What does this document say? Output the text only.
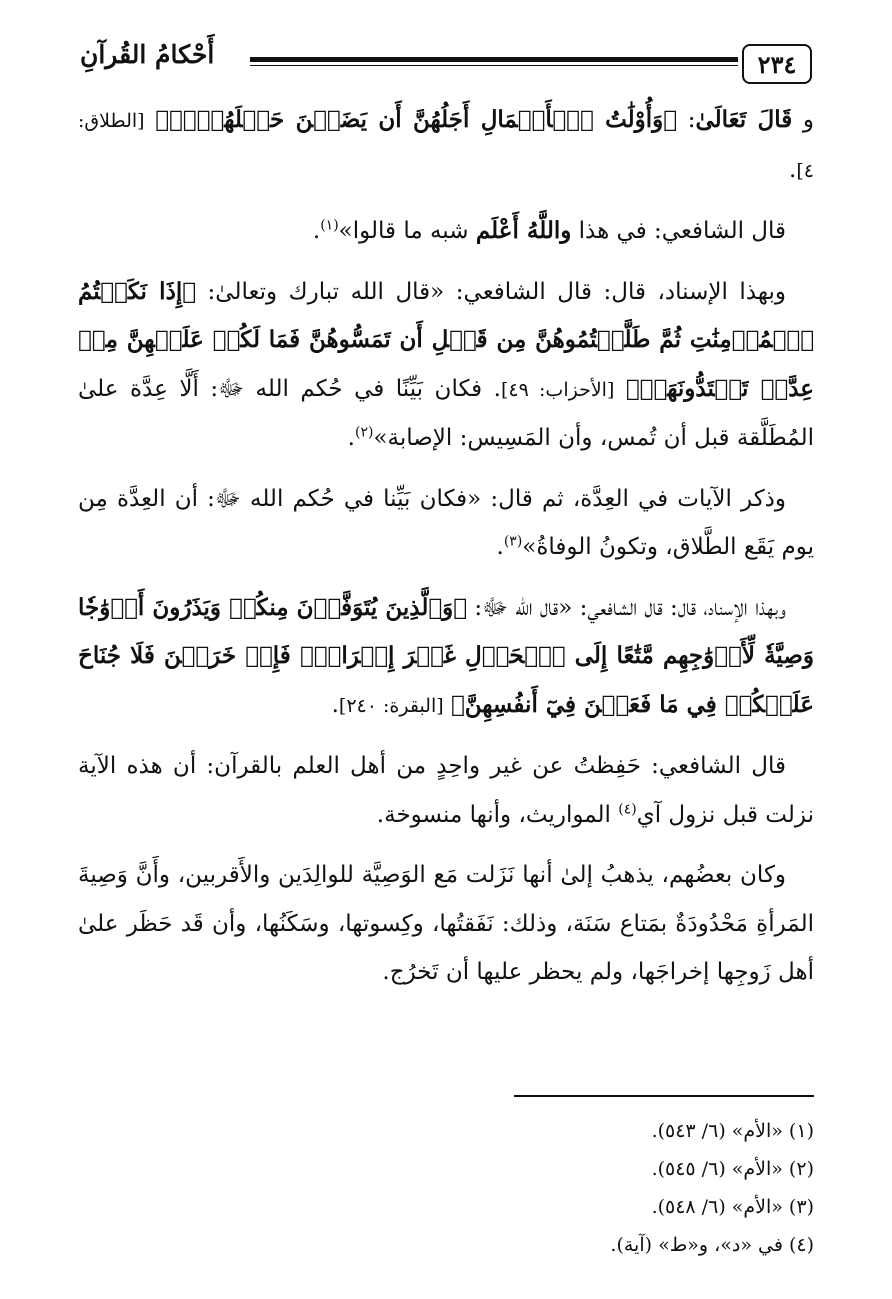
٢٣٤
أَحْكامُ القُرآنِ

و قَالَ تَعَالَىٰ: ﴿وَأُوْلَٰتُ ٱلۡأَحۡمَالِ أَجَلُهُنَّ أَن يَضَعۡنَ حَمۡلَهُنَّۚ﴾ [الطلاق: ٤].

قال الشافعي: في هذا واللَّهُ أَعْلَم شبه ما قالوا»$^{(١)}$.

وبهذا الإسناد، قال: قال الشافعي: «قال الله تبارك وتعالىٰ: ﴿إِذَا نَكَحۡتُمُ ٱلۡمُؤۡمِنَٰتِ ثُمَّ طَلَّقۡتُمُوهُنَّ مِن قَبۡلِ أَن تَمَسُّوهُنَّ فَمَا لَكُمۡ عَلَيۡهِنَّ مِنۡ عِدَّةٖ تَعۡتَدُّونَهَاۖ﴾ [الأحزاب: ٤٩]. فكان بَيِّنًا في حُكم الله ﷻ: أَلَّا عِدَّة علىٰ المُطَلَّقة قبل أن تُمس، وأن المَسِيس: الإصابة»$^{(٢)}$.

وذكر الآيات في العِدَّة، ثم قال: «فكان بَيِّنا في حُكم الله ﷻ: أن العِدَّة مِن يوم يَقَع الطَّلاق، وتكونُ الوفاةُ»$^{(٣)}$.

وبهذا الإسناد، قال: قال الشافعي: «قال الله ﷻ: ﴿وَٱلَّذِينَ يُتَوَفَّوۡنَ مِنكُمۡ وَيَذَرُونَ أَزۡوَٰجٗا وَصِيَّةٗ لِّأَزۡوَٰجِهِم مَّتَٰعًا إِلَى ٱلۡحَوۡلِ غَيۡرَ إِخۡرَاجٖۚ فَإِنۡ خَرَجۡنَ فَلَا جُنَاحَ عَلَيۡكُمۡ فِي مَا فَعَلۡنَ فِيٓ أَنفُسِهِنَّ﴾ [البقرة: ٢٤٠].

قال الشافعي: حَفِظتُ عن غير واحِدٍ من أهل العلم بالقرآن: أن هذه الآية نزلت قبل نزول آي$^{(٤)}$ المواريث، وأنها منسوخة.

وكان بعضُهم، يذهبُ إلىٰ أنها نَزَلت مَع الوَصِيَّة للوالِدَين والأَقربين، وأَنَّ وَصِيةَ المَرأةِ مَحْدُودَةٌ بمَتاع سَنَة، وذلك: نَفَقتُها، وكِسوتها، وسَكَنُها، وأن قَد حَظَر علىٰ أهل زَوجِها إخراجَها، ولم يحظر عليها أن تَخرُج.

(١) «الأم» (٦/ ٥٤٣).
(٢) «الأم» (٦/ ٥٤٥).
(٣) «الأم» (٦/ ٥٤٨).
(٤) في «د»، و«ط» (آية).
